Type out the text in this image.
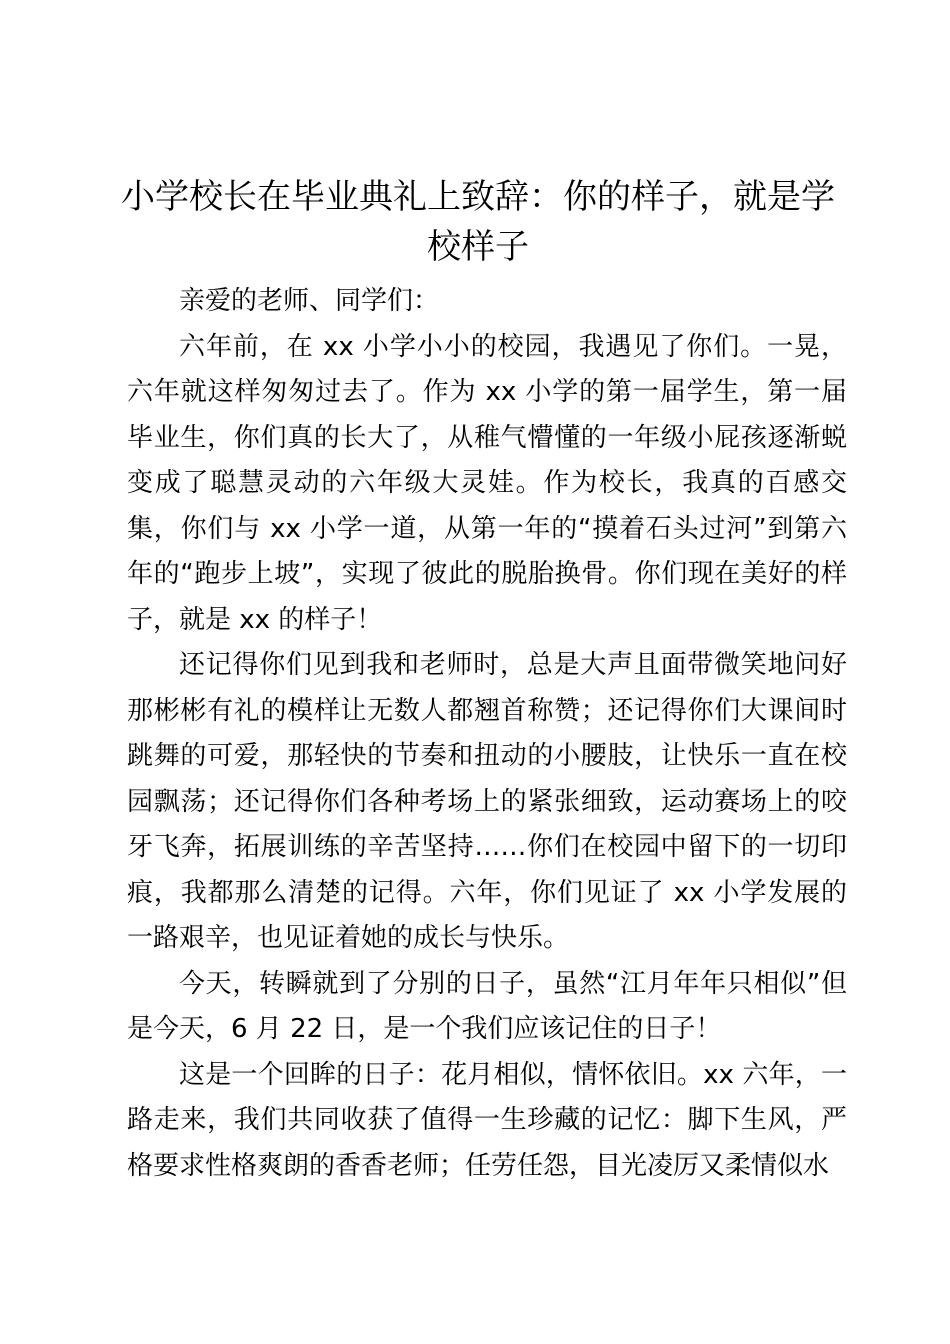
小学校长在毕业典礼上致辞：你的样子，就是学校样子

亲爱的老师、同学们：

六年前，在 xx 小学小小的校园，我遇见了你们。一晃，六年就这样匆匆过去了。作为 xx 小学的第一届学生，第一届毕业生，你们真的长大了，从稚气懵懂的一年级小屁孩逐渐蜕变成了聪慧灵动的六年级大灵娃。作为校长，我真的百感交集，你们与 xx 小学一道，从第一年的“摸着石头过河”到第六年的“跑步上坡”，实现了彼此的脱胎换骨。你们现在美好的样子，就是 xx 的样子！

还记得你们见到我和老师时，总是大声且面带微笑地问好那彬彬有礼的模样让无数人都翘首称赞；还记得你们大课间时跳舞的可爱，那轻快的节奏和扭动的小腰肢，让快乐一直在校园飘荡；还记得你们各种考场上的紧张细致，运动赛场上的咬牙飞奔，拓展训练的辛苦坚持……你们在校园中留下的一切印痕，我都那么清楚的记得。六年，你们见证了 xx 小学发展的一路艰辛，也见证着她的成长与快乐。

今天，转瞬就到了分别的日子，虽然“江月年年只相似”但是今天，6 月 22 日，是一个我们应该记住的日子！

这是一个回眸的日子：花月相似，情怀依旧。xx 六年，一路走来，我们共同收获了值得一生珍藏的记忆：脚下生风，严格要求性格爽朗的香香老师；任劳任怨，目光凌厉又柔情似水
